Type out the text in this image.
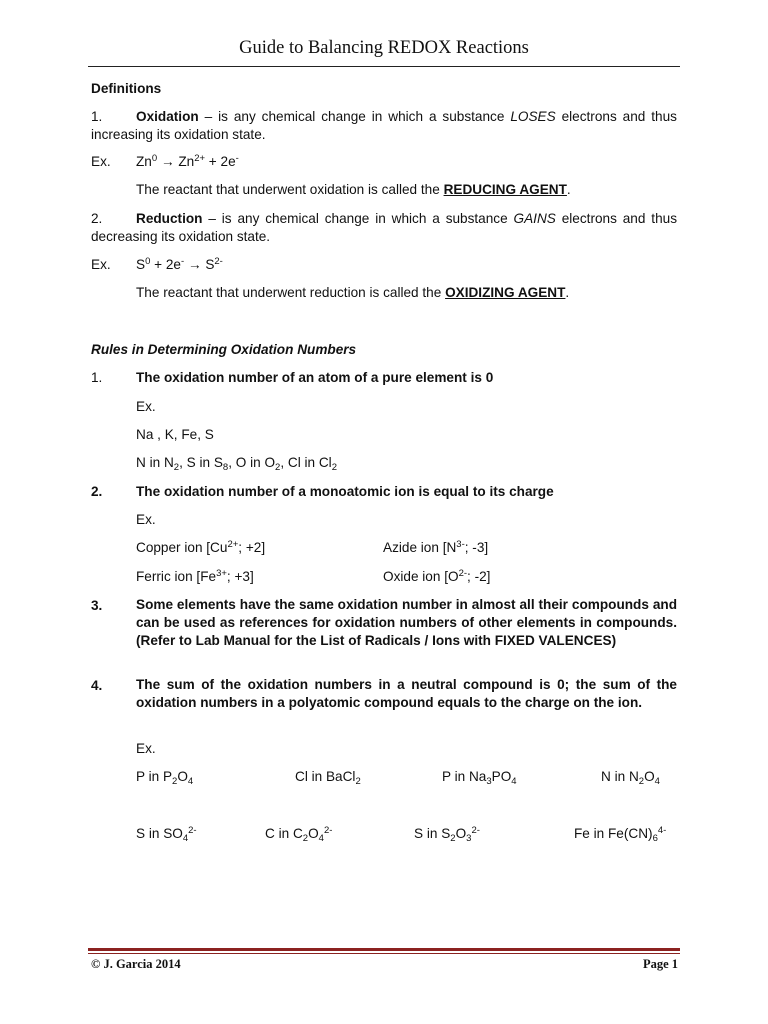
Guide to Balancing REDOX Reactions
Definitions
1. Oxidation – is any chemical change in which a substance LOSES electrons and thus increasing its oxidation state.
Ex. $Zn^0 \to Zn^{2+} + 2e^-$
The reactant that underwent oxidation is called the REDUCING AGENT.
2. Reduction – is any chemical change in which a substance GAINS electrons and thus decreasing its oxidation state.
Ex. $S^0 + 2e^- \to S^{2-}$
The reactant that underwent reduction is called the OXIDIZING AGENT.
Rules in Determining Oxidation Numbers
1. The oxidation number of an atom of a pure element is 0
Ex.
Na , K, Fe, S
N in $N_2$, S in $S_8$, O in $O_2$, Cl in $Cl_2$
2. The oxidation number of a monoatomic ion is equal to its charge
Ex.
Copper ion [$Cu^{2+}$; +2]	Azide ion [$N^{3-}$; -3]
Ferric ion [$Fe^{3+}$; +3]	Oxide ion [$O^{2-}$; -2]
3. Some elements have the same oxidation number in almost all their compounds and can be used as references for oxidation numbers of other elements in compounds. (Refer to Lab Manual for the List of Radicals / Ions with FIXED VALENCES)
4. The sum of the oxidation numbers in a neutral compound is 0; the sum of the oxidation numbers in a polyatomic compound equals to the charge on the ion.
Ex.
P in $P_2O_4$	Cl in BaCl$_2$	P in $Na_3PO_4$	N in $N_2O_4$
S in $SO_4^{2-}$	C in $C_2O_4^{2-}$	S in $S_2O_3^{2-}$	Fe in $Fe(CN)_6^{4-}$
© J. Garcia 2014	Page 1
